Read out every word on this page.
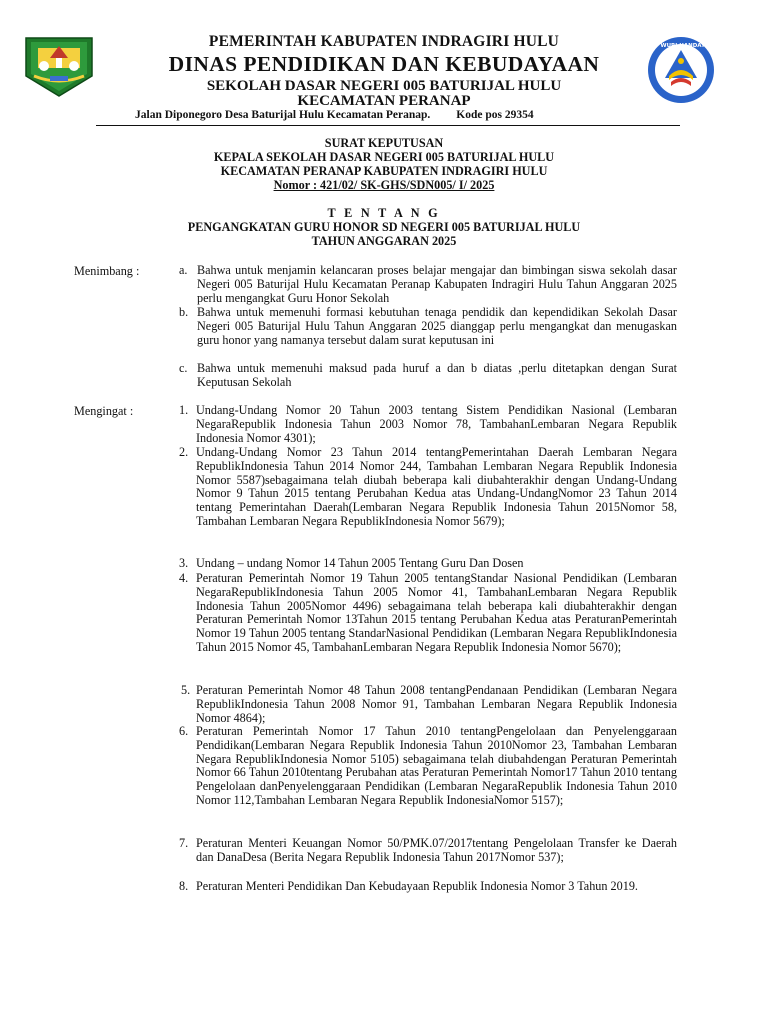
TUT WURI HANDAYANI
PEMERINTAH KABUPATEN INDRAGIRI HULU
DINAS PENDIDIKAN DAN KEBUDAYAAN
SEKOLAH DASAR NEGERI 005 BATURIJAL HULU
KECAMATAN PERANAP
Jalan Diponegoro Desa Baturijal Hulu Kecamatan Peranap. Kode pos 29354
SURAT KEPUTUSAN
KEPALA SEKOLAH DASAR NEGERI 005 BATURIJAL HULU
KECAMATAN PERANAP KABUPATEN INDRAGIRI HULU
Nomor : 421/02/ SK-GHS/SDN005/ I/ 2025
T E N T A N G
PENGANGKATAN GURU HONOR SD NEGERI 005 BATURIJAL HULU
TAHUN ANGGARAN 2025
Menimbang :	a. Bahwa untuk menjamin kelancaran proses belajar mengajar dan bimbingan siswa sekolah dasar Negeri 005 Baturijal Hulu Kecamatan Peranap Kabupaten Indragiri Hulu Tahun Anggaran 2025 perlu mengangkat Guru Honor Sekolah
b. Bahwa untuk memenuhi formasi kebutuhan tenaga pendidik dan kependidikan Sekolah Dasar Negeri 005 Baturijal Hulu Tahun Anggaran 2025 dianggap perlu mengangkat dan menugaskan guru honor yang namanya tersebut dalam surat keputusan ini
c. Bahwa untuk memenuhi maksud pada huruf a dan b diatas ,perlu ditetapkan dengan Surat Keputusan Sekolah
Mengingat :	1. Undang-Undang Nomor 20 Tahun 2003 tentang Sistem Pendidikan Nasional (Lembaran NegaraRepublik Indonesia Tahun 2003 Nomor 78, TambahanLembaran Negara Republik Indonesia Nomor 4301);
2. Undang-Undang Nomor 23 Tahun 2014 tentangPemerintahan Daerah Lembaran Negara RepublikIndonesia Tahun 2014 Nomor 244, Tambahan Lembaran Negara Republik Indonesia Nomor 5587)sebagaimana telah diubah beberapa kali diubahterakhir dengan Undang-Undang Nomor 9 Tahun 2015 tentang Perubahan Kedua atas Undang-UndangNomor 23 Tahun 2014 tentang Pemerintahan Daerah(Lembaran Negara Republik Indonesia Tahun 2015Nomor 58, Tambahan Lembaran Negara RepublikIndonesia Nomor 5679);
3. Undang – undang Nomor 14 Tahun 2005 Tentang Guru Dan Dosen
4. Peraturan Pemerintah Nomor 19 Tahun 2005 tentangStandar Nasional Pendidikan (Lembaran NegaraRepublikIndonesia Tahun 2005 Nomor 41, TambahanLembaran Negara Republik Indonesia Tahun 2005Nomor 4496) sebagaimana telah beberapa kali diubahterakhir dengan Peraturan Pemerintah Nomor 13Tahun 2015 tentang Perubahan Kedua atas PeraturanPemerintah Nomor 19 Tahun 2005 tentang StandarNasional Pendidikan (Lembaran Negara RepublikIndonesia Tahun 2015 Nomor 45, TambahanLembaran Negara Republik Indonesia Nomor 5670);
5. Peraturan Pemerintah Nomor 48 Tahun 2008 tentangPendanaan Pendidikan (Lembaran Negara RepublikIndonesia Tahun 2008 Nomor 91, Tambahan Lembaran Negara Republik Indonesia Nomor 4864);
6. Peraturan Pemerintah Nomor 17 Tahun 2010 tentangPengelolaan dan Penyelenggaraan Pendidikan(Lembaran Negara Republik Indonesia Tahun 2010Nomor 23, Tambahan Lembaran Negara RepublikIndonesia Nomor 5105) sebagaimana telah diubahdengan Peraturan Pemerintah Nomor 66 Tahun 2010tentang Perubahan atas Peraturan Pemerintah Nomor17 Tahun 2010 tentang Pengelolaan danPenyelenggaraan Pendidikan (Lembaran NegaraRepublik Indonesia Tahun 2010 Nomor 112,Tambahan Lembaran Negara Republik IndonesiaNomor 5157);
7. Peraturan Menteri Keuangan Nomor 50/PMK.07/2017tentang Pengelolaan Transfer ke Daerah dan DanaDesa (Berita Negara Republik Indonesia Tahun 2017Nomor 537);
8. Peraturan Menteri Pendidikan Dan Kebudayaan Republik Indonesia Nomor 3 Tahun 2019.
